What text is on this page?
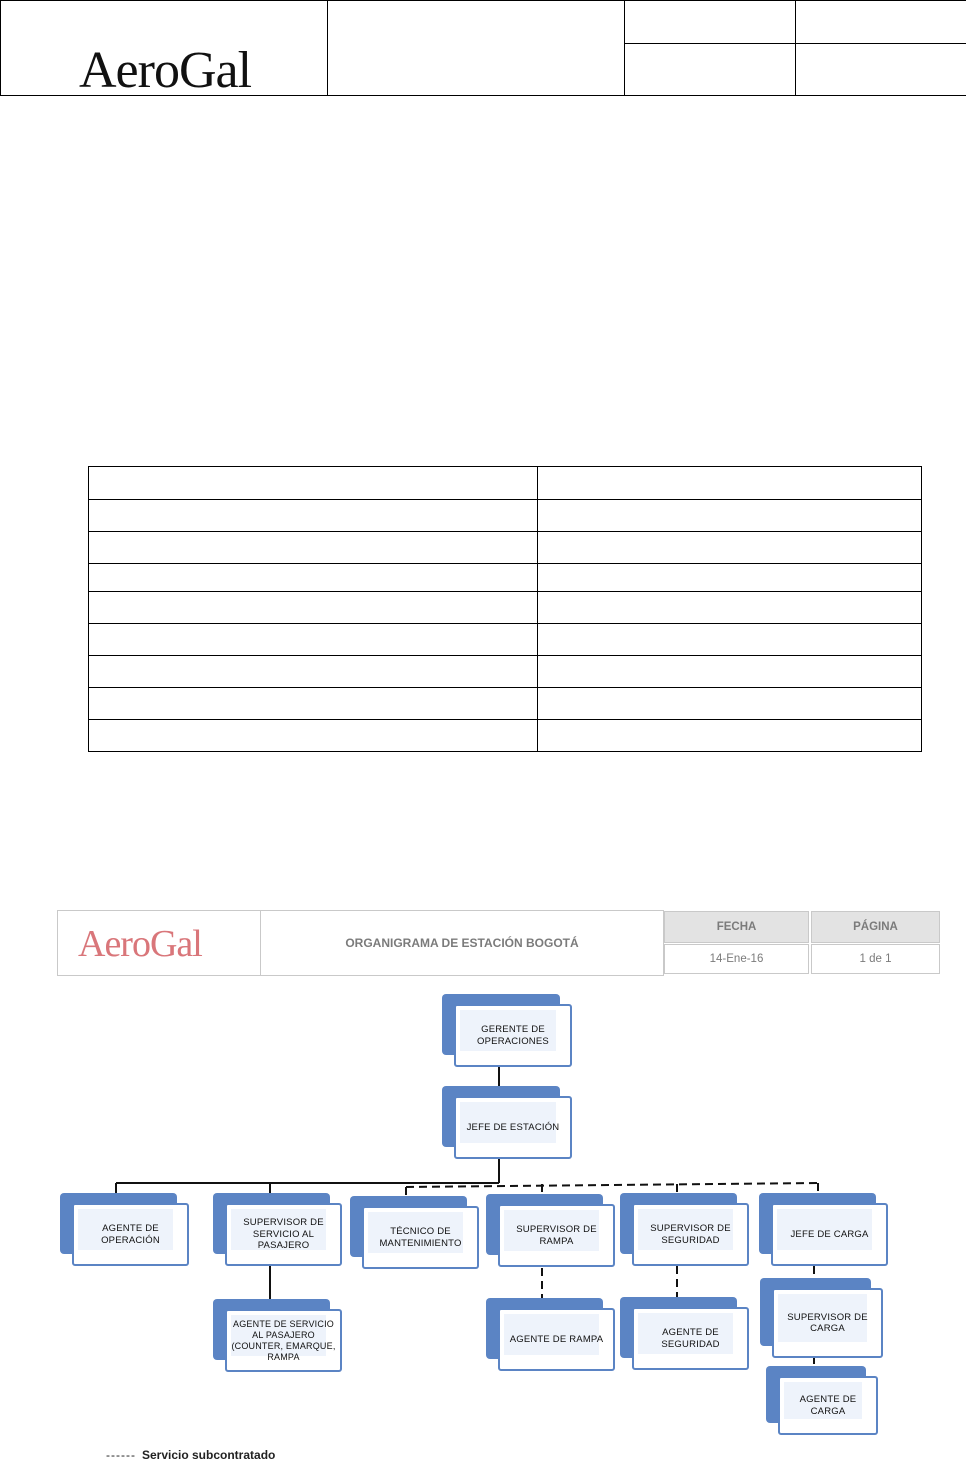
AeroGal			

AeroGal	ORGANIGRAMA DE ESTACIÓN BOGOTÁ
FECHA	PÁGINA
14-Ene-16	1 de 1
GERENTE DE OPERACIONES
JEFE DE ESTACIÓN
AGENTE DE OPERACIÓN
SUPERVISOR DE SERVICIO AL PASAJERO
TÉCNICO DE MANTENIMIENTO
SUPERVISOR DE RAMPA
SUPERVISOR DE SEGURIDAD
JEFE DE CARGA
AGENTE DE SERVICIO AL PASAJERO (COUNTER, EMARQUE, RAMPA
AGENTE DE RAMPA
AGENTE DE SEGURIDAD
SUPERVISOR DE CARGA
AGENTE DE CARGA
------ Servicio subcontratado
